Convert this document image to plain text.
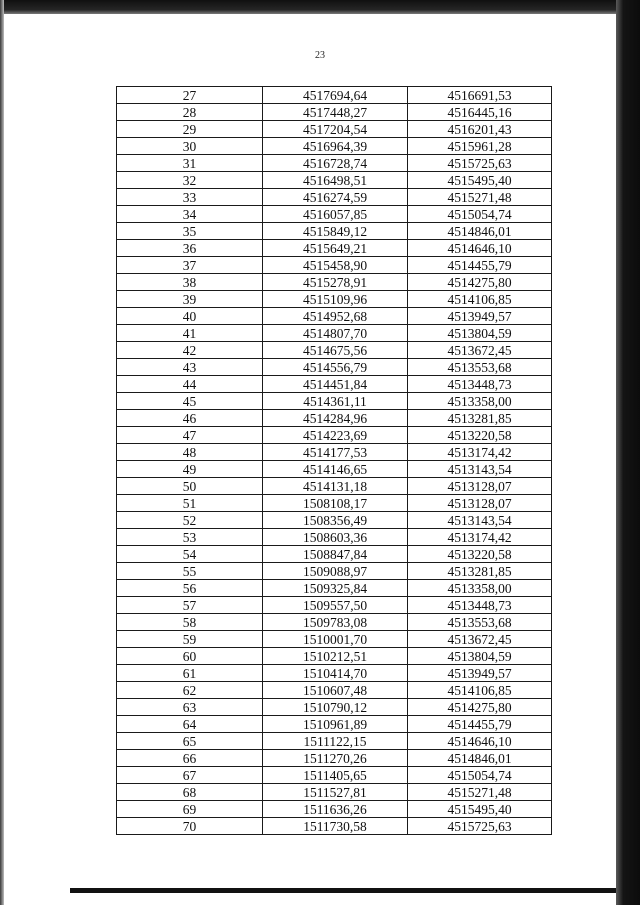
23
27	4517694,64	4516691,53
28	4517448,27	4516445,16
29	4517204,54	4516201,43
30	4516964,39	4515961,28
31	4516728,74	4515725,63
32	4516498,51	4515495,40
33	4516274,59	4515271,48
34	4516057,85	4515054,74
35	4515849,12	4514846,01
36	4515649,21	4514646,10
37	4515458,90	4514455,79
38	4515278,91	4514275,80
39	4515109,96	4514106,85
40	4514952,68	4513949,57
41	4514807,70	4513804,59
42	4514675,56	4513672,45
43	4514556,79	4513553,68
44	4514451,84	4513448,73
45	4514361,11	4513358,00
46	4514284,96	4513281,85
47	4514223,69	4513220,58
48	4514177,53	4513174,42
49	4514146,65	4513143,54
50	4514131,18	4513128,07
51	1508108,17	4513128,07
52	1508356,49	4513143,54
53	1508603,36	4513174,42
54	1508847,84	4513220,58
55	1509088,97	4513281,85
56	1509325,84	4513358,00
57	1509557,50	4513448,73
58	1509783,08	4513553,68
59	1510001,70	4513672,45
60	1510212,51	4513804,59
61	1510414,70	4513949,57
62	1510607,48	4514106,85
63	1510790,12	4514275,80
64	1510961,89	4514455,79
65	1511122,15	4514646,10
66	1511270,26	4514846,01
67	1511405,65	4515054,74
68	1511527,81	4515271,48
69	1511636,26	4515495,40
70	1511730,58	4515725,63
